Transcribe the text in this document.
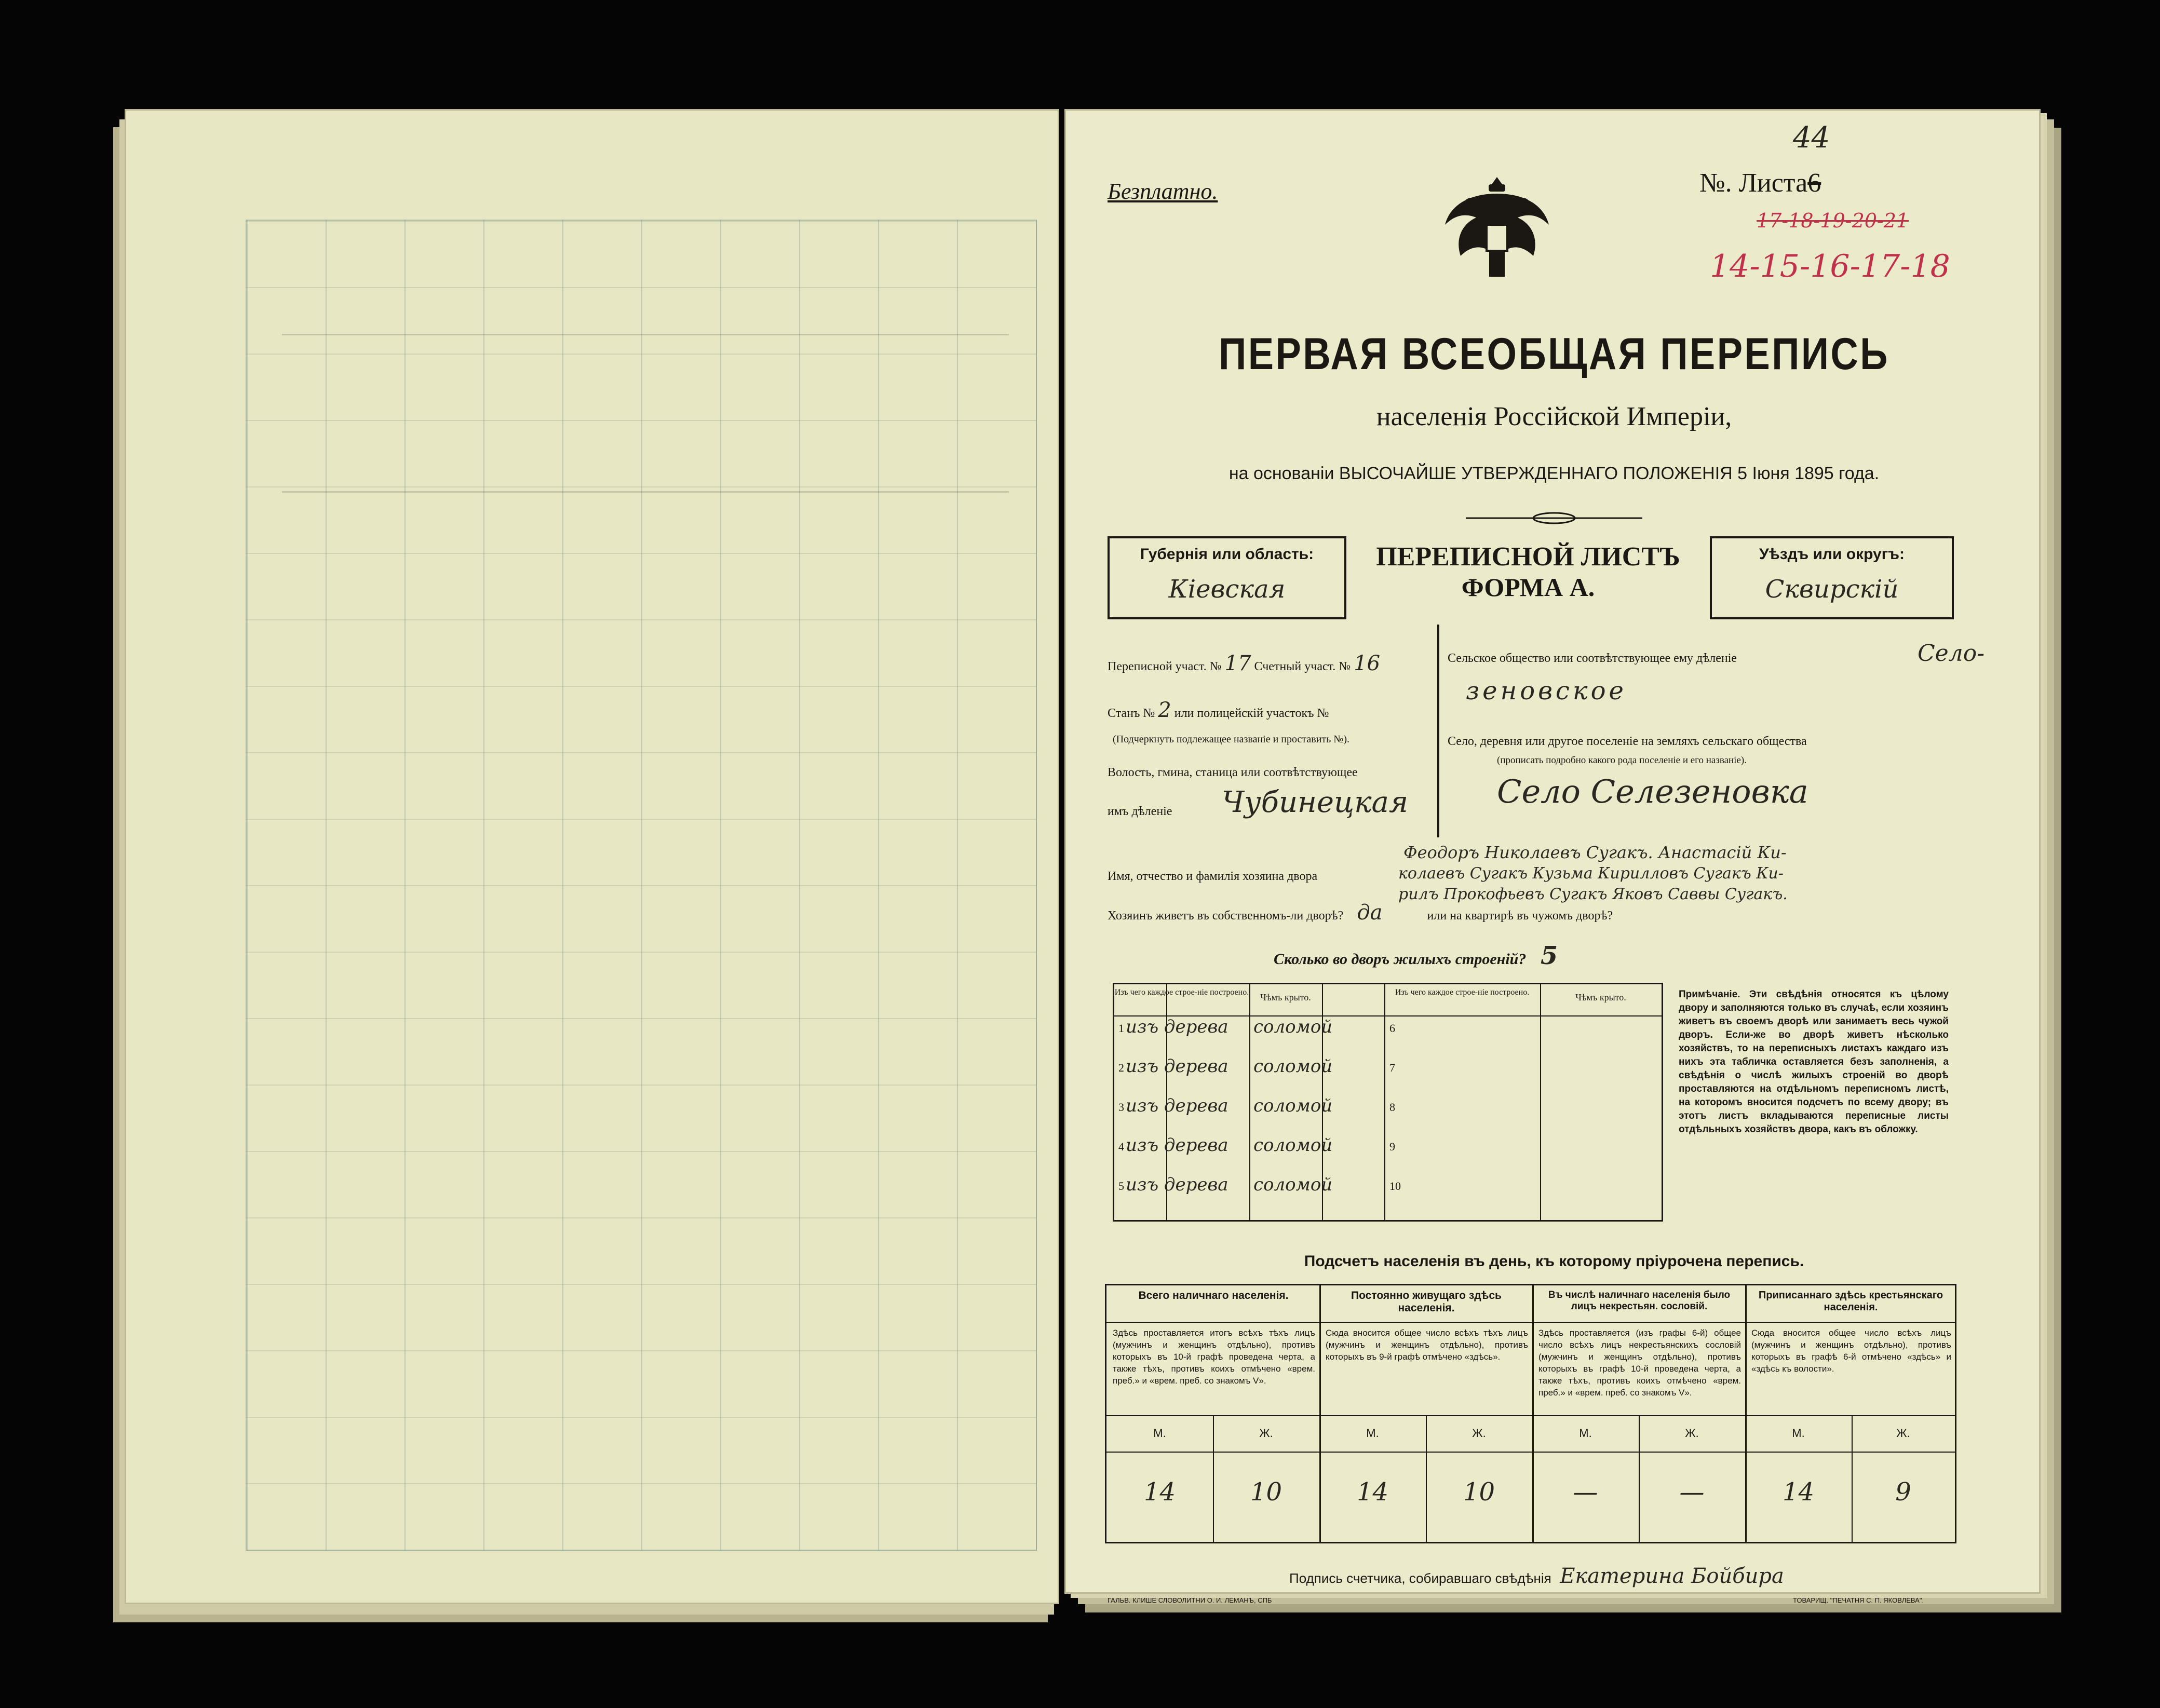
Безплатно.	№. Листа6
44
17-18-19-20-21
14-15-16-17-18
ПЕРВАЯ ВСЕОБЩАЯ ПЕРЕПИСЬ
населенія Россійской Имперіи,
на основаніи ВЫСОЧАЙШЕ УТВЕРЖДЕННАГО ПОЛОЖЕНІЯ 5 Іюня 1895 года.
Губернія или область:
Кіевская
ПЕРЕПИСНОЙ ЛИСТЪ
ФОРМА А.
Уѣздъ или округъ:
Сквирскій
Переписной участ. № 17 Счетный участ. № 16
Станъ № 2 или полицейскій участокъ №
(Подчеркнуть подлежащее названіе и проставить №).
Волость, гмина, станица или соотвѣтствующее
имъ дѣленіе Чубинецкая
Сельское общество или соотвѣтствующее ему дѣленіе	Село-
зеновское
Село, деревня или другое поселеніе на земляхъ сельскаго общества
(прописать подробно какого рода поселеніе и его названіе).
Село Селезеновка
Феодоръ Николаевъ Сугакъ. Анастасій Ки-
Имя, отчество и фамилія хозяина двора	колаевъ Сугакъ Кузьма Кирилловъ Сугакъ Ки-
рилъ Прокофьевъ Сугакъ Яковъ Саввы Сугакъ.
Хозяинъ живетъ въ собственномъ-ли дворѣ? да	или на квартирѣ въ чужомъ дворѣ?
Сколько во дворъ жилыхъ строеній? 5
Изъ чего каждое строе-ніе построено.	Чѣмъ крыто.	Изъ чего каждое строе-ніе построено.	Чѣмъ крыто.
1 изъ дерева соломой	6
2 изъ дерева соломой	7
3 изъ дерева соломой	8
4 изъ дерева соломой	9
5 изъ дерева соломой	10
Примѣчаніе. Эти свѣдѣнія относятся къ цѣлому двору и заполняются только въ случаѣ, если хозяинъ живетъ въ своемъ дворѣ или занимаетъ весь чужой дворъ. Если-же во дворѣ живетъ нѣсколько хозяйствъ, то на переписныхъ листахъ каждаго изъ нихъ эта табличка оставляется безъ заполненія, а свѣдѣнія о числѣ жилыхъ строеній во дворѣ проставляются на отдѣльномъ переписномъ листѣ, на которомъ вносится подсчетъ по всему двору; въ этотъ листъ вкладываются переписные листы отдѣльныхъ хозяйствъ двора, какъ въ обложку.
Подсчетъ населенія въ день, къ которому пріурочена перепись.
Всего наличнаго населенія.
Здѣсь проставляется итогъ всѣхъ тѣхъ лицъ (мужчинъ и женщинъ отдѣльно), противъ которыхъ въ 10-й графѣ проведена черта, а также тѣхъ, противъ коихъ отмѣчено «врем. преб.» и «врем. преб. со знакомъ V».
М.	Ж.
14	10
Постоянно живущаго здѣсь населенія.
Сюда вносится общее число всѣхъ тѣхъ лицъ (мужчинъ и женщинъ отдѣльно), противъ которыхъ въ 9-й графѣ отмѣчено «здѣсь».
М.	Ж.
14	10
Въ числѣ наличнаго населенія было лицъ некрестьян. сословій.
Здѣсь проставляется (изъ графы 6-й) общее число всѣхъ лицъ некрестьянскихъ сословій (мужчинъ и женщинъ отдѣльно), противъ которыхъ въ графѣ 10-й проведена черта, а также тѣхъ, противъ коихъ отмѣчено «врем. преб.» и «врем. преб. со знакомъ V».
М.	Ж.
—	—
Приписаннаго здѣсь крестьянскаго населенія.
Сюда вносится общее число всѣхъ лицъ (мужчинъ и женщинъ отдѣльно), противъ которыхъ въ графѣ 6-й отмѣчено «здѣсь» и «здѣсь къ волости».
М.	Ж.
14	9
Подпись счетчика, собиравшаго свѣдѣнія Екатерина Бойбира
ГАЛЬВ. КЛИШЕ СЛОВОЛИТНИ О. И. ЛЕМАНЪ, СПБ	ТОВАРИЩ. "ПЕЧАТНЯ С. П. ЯКОВЛЕВА".
